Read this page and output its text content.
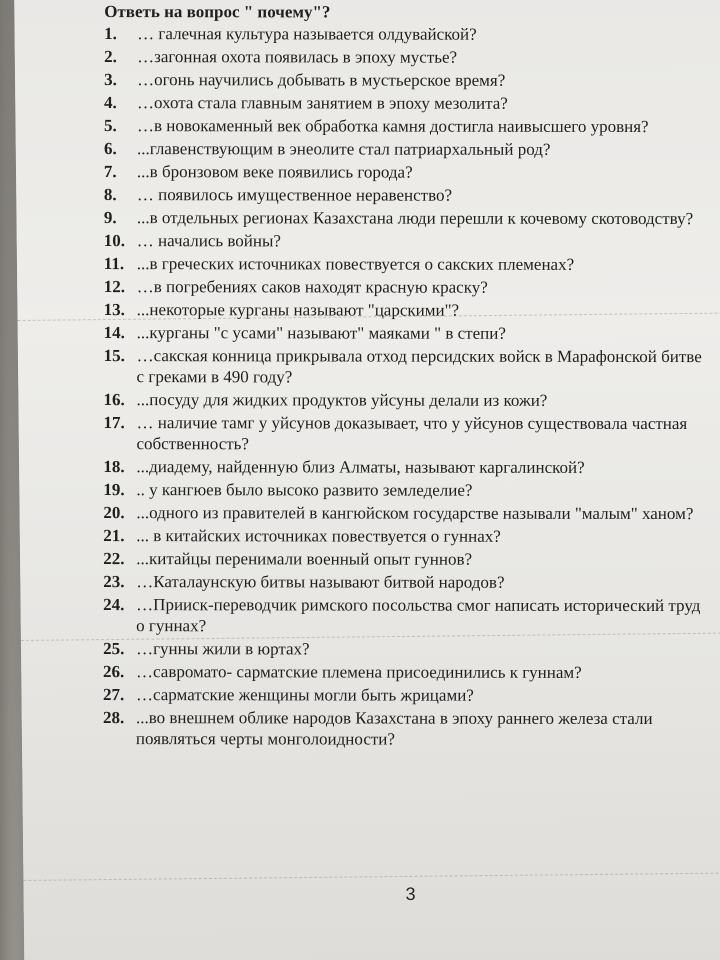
Ответь на вопрос " почему"?
1.	… галечная культура называется олдувайской?
2.	…загонная охота появилась в эпоху мустье?
3.	…огонь научились добывать в мустьерское время?
4.	…охота стала главным занятием в эпоху мезолита?
5.	…в новокаменный век обработка камня достигла наивысшего уровня?
6.	...главенствующим в энеолите стал патриархальный род?
7.	...в бронзовом веке появились города?
8.	… появилось имущественное неравенство?
9.	...в отдельных регионах Казахстана люди перешли к кочевому скотоводству?
10. … начались войны?
11. ...в греческих источниках повествуется о сакских племенах?
12. …в погребениях саков находят красную краску?
13. ...некоторые курганы называют "царскими"?
14. ...курганы "с усами" называют" маяками " в степи?
15. …сакская конница прикрывала отход персидских войск в Марафонской битве с греками в 490 году?
16. ...посуду для жидких продуктов уйсуны делали из кожи?
17. … наличие тамг у уйсунов доказывает, что у уйсунов существовала частная собственность?
18. ...диадему, найденную близ Алматы, называют каргалинской?
19. .. у кангюев было высоко развито земледелие?
20. ...одного из правителей в кангюйском государстве называли "малым" ханом?
21. ... в китайских источниках повествуется о гуннах?
22. ...китайцы перенимали военный опыт гуннов?
23. …Каталаунскую битвы называют битвой народов?
24. …Прииск-переводчик римского посольства смог написать исторический труд о гуннах?
25. …гунны жили в юртах?
26. …савромато- сарматские племена присоединились к гуннам?
27. …сарматские женщины могли быть жрицами?
28. ...во внешнем облике народов Казахстана в эпоху раннего железа стали появляться черты монголоидности?
3
